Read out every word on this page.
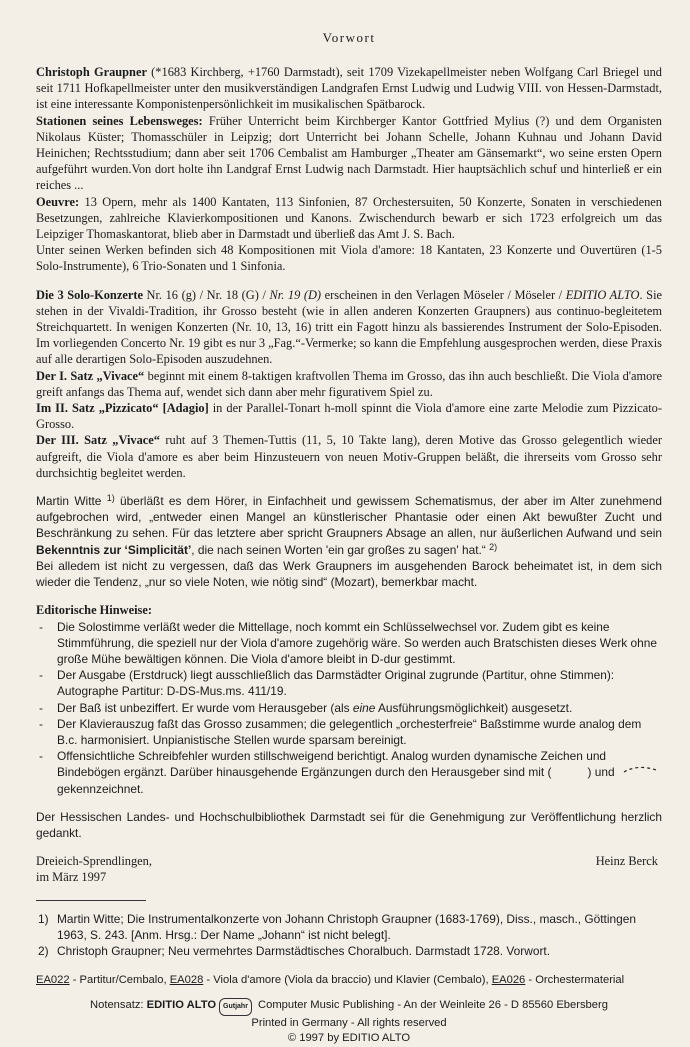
Vorwort

Christoph Graupner (*1683 Kirchberg, +1760 Darmstadt), seit 1709 Vizekapellmeister neben Wolfgang Carl Briegel und seit 1711 Hofkapellmeister unter den musikverständigen Landgrafen Ernst Ludwig und Ludwig VIII. von Hessen-Darmstadt, ist eine interessante Komponistenpersönlichkeit im musikalischen Spätbarock.

Stationen seines Lebensweges: Früher Unterricht beim Kirchberger Kantor Gottfried Mylius (?) und dem Organisten Nikolaus Küster; Thomasschüler in Leipzig; dort Unterricht bei Johann Schelle, Johann Kuhnau und Johann David Heinichen; Rechtsstudium; dann aber seit 1706 Cembalist am Hamburger „Theater am Gänsemarkt“, wo seine ersten Opern aufgeführt wurden.Von dort holte ihn Landgraf Ernst Ludwig nach Darmstadt. Hier hauptsächlich schuf und hinterließ er ein reiches ...

Oeuvre: 13 Opern, mehr als 1400 Kantaten, 113 Sinfonien, 87 Orchestersuiten, 50 Konzerte, Sonaten in verschiedenen Besetzungen, zahlreiche Klavierkompositionen und Kanons. Zwischendurch bewarb er sich 1723 erfolgreich um das Leipziger Thomaskantorat, blieb aber in Darmstadt und überließ das Amt J. S. Bach.

Unter seinen Werken befinden sich 48 Kompositionen mit Viola d'amore: 18 Kantaten, 23 Konzerte und Ouvertüren (1-5 Solo-Instrumente), 6 Trio-Sonaten und 1 Sinfonia.

Die 3 Solo-Konzerte Nr. 16 (g) / Nr. 18 (G) / Nr. 19 (D) erscheinen in den Verlagen Möseler / Möseler / EDITIO ALTO. Sie stehen in der Vivaldi-Tradition, ihr Grosso besteht (wie in allen anderen Konzerten Graupners) aus continuo-begleitetem Streichquartett. In wenigen Konzerten (Nr. 10, 13, 16) tritt ein Fagott hinzu als bassierendes Instrument der Solo-Episoden. Im vorliegenden Concerto Nr. 19 gibt es nur 3 „Fag.“-Vermerke; so kann die Empfehlung ausgesprochen werden, diese Praxis auf alle derartigen Solo-Episoden auszudehnen.

Der I. Satz „Vivace“ beginnt mit einem 8-taktigen kraftvollen Thema im Grosso, das ihn auch beschließt. Die Viola d'amore greift anfangs das Thema auf, wendet sich dann aber mehr figurativem Spiel zu.

Im II. Satz „Pizzicato“ [Adagio] in der Parallel-Tonart h-moll spinnt die Viola d'amore eine zarte Melodie zum Pizzicato-Grosso.

Der III. Satz „Vivace“ ruht auf 3 Themen-Tuttis (11, 5, 10 Takte lang), deren Motive das Grosso gelegentlich wieder aufgreift, die Viola d'amore es aber beim Hinzusteuern von neuen Motiv-Gruppen beläßt, die ihrerseits vom Grosso sehr durchsichtig begleitet werden.

Martin Witte $^{1)}$ überläßt es dem Hörer, in Einfachheit und gewissem Schematismus, der aber im Alter zunehmend aufgebrochen wird, „entweder einen Mangel an künstlerischer Phantasie oder einen Akt bewußter Zucht und Beschränkung zu sehen. Für das letztere aber spricht Graupners Absage an allen, nur äußerlichen Aufwand und sein Bekenntnis zur ‘Simplicität’, die nach seinen Worten 'ein gar großes zu sagen' hat.“ $^{2)}$

Bei alledem ist nicht zu vergessen, daß das Werk Graupners im ausgehenden Barock beheimatet ist, in dem sich wieder die Tendenz, „nur so viele Noten, wie nötig sind“ (Mozart), bemerkbar macht.

Editorische Hinweise:

- Die Solostimme verläßt weder die Mittellage, noch kommt ein Schlüsselwechsel vor. Zudem gibt es keine Stimmführung, die speziell nur der Viola d'amore zugehörig wäre. So werden auch Bratschisten dieses Werk ohne große Mühe bewältigen können. Die Viola d'amore bleibt in D-dur gestimmt.
- Der Ausgabe (Erstdruck) liegt ausschließlich das Darmstädter Original zugrunde (Partitur, ohne Stimmen): Autographe Partitur: D-DS-Mus.ms. 411/19.
- Der Baß ist unbeziffert. Er wurde vom Herausgeber (als eine Ausführungsmöglichkeit) ausgesetzt.
- Der Klavierauszug faßt das Grosso zusammen; die gelegentlich „orchesterfreie“ Baßstimme wurde analog dem B.c. harmonisiert. Unpianistische Stellen wurde sparsam bereinigt.
- Offensichtliche Schreibfehler wurden stillschweigend berichtigt. Analog wurden dynamische Zeichen und Bindebögen ergänzt. Darüber hinausgehende Ergänzungen durch den Herausgeber sind mit (	) und  gekennzeichnet.

Der Hessischen Landes- und Hochschulbibliothek Darmstadt sei für die Genehmigung zur Veröffentlichung herzlich gedankt.

Dreieich-Sprendlingen,
im März 1997
Heinz Berck
1) Martin Witte; Die Instrumentalkonzerte von Johann Christoph Graupner (1683-1769), Diss., masch., Göttingen 1963, S. 243. [Anm. Hrsg.: Der Name „Johann“ ist nicht belegt].
2) Christoph Graupner; Neu vermehrtes Darmstädtisches Choralbuch. Darmstadt 1728. Vorwort.
EA022 - Partitur/Cembalo, EA028 - Viola d'amore (Viola da braccio) und Klavier (Cembalo), EA026 - Orchestermaterial
Notensatz: EDITIO ALTO Gutjahr Computer Music Publishing - An der Weinleite 26 - D 85560 Ebersberg
Printed in Germany - All rights reserved
© 1997 by EDITIO ALTO
